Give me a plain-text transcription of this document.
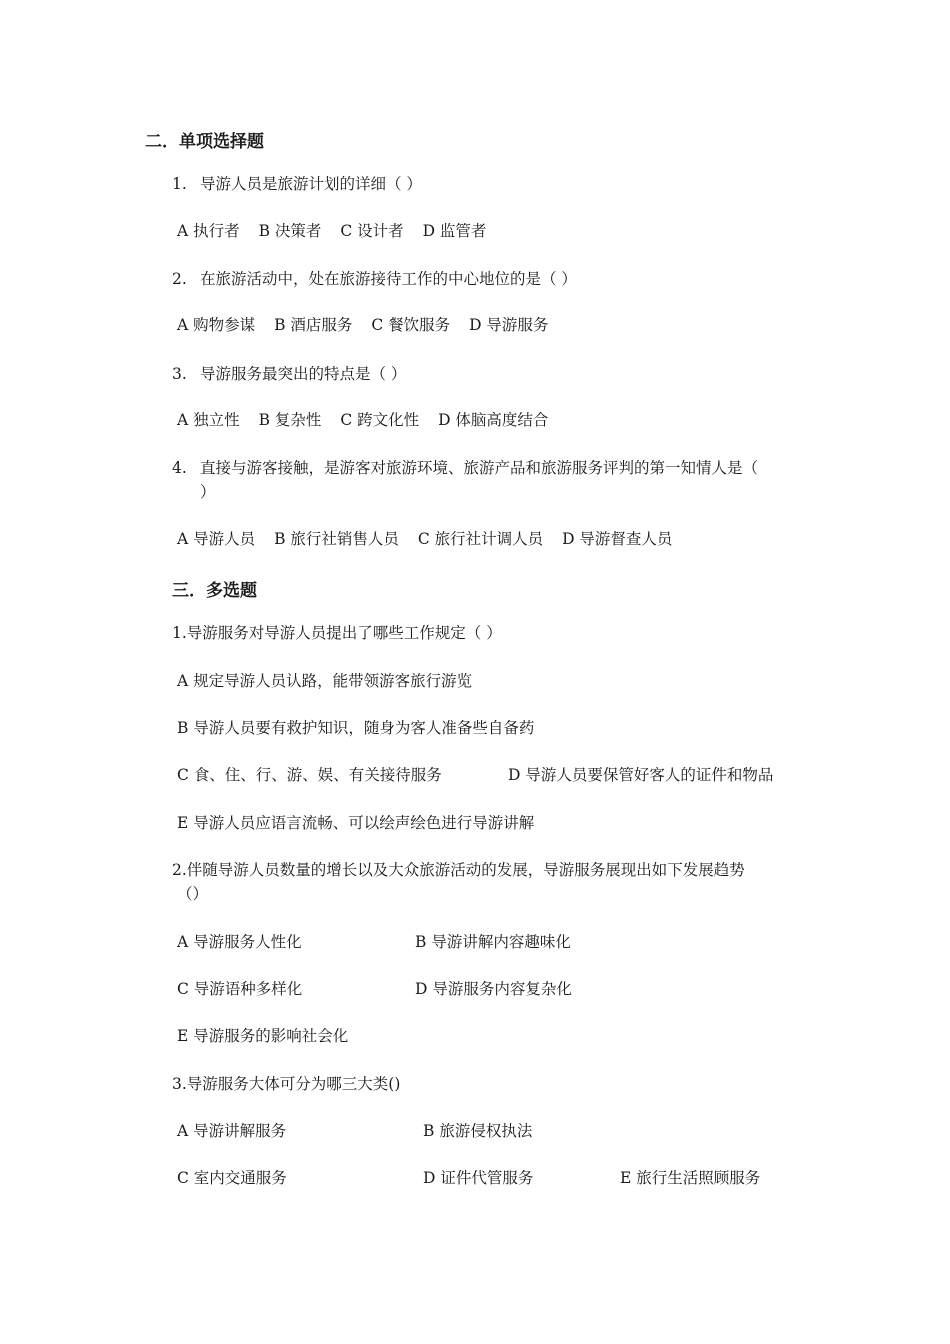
二．单项选择题
1. 导游人员是旅游计划的详细（ ）
A 执行者 B 决策者 C 设计者 D 监管者
2. 在旅游活动中，处在旅游接待工作的中心地位的是（ ）
A 购物参谋 B 酒店服务 C 餐饮服务 D 导游服务
3. 导游服务最突出的特点是（ ）
A 独立性 B 复杂性 C 跨文化性 D 体脑高度结合
4. 直接与游客接触，是游客对旅游环境、旅游产品和旅游服务评判的第一知情人是（
）
A 导游人员 B 旅行社销售人员 C 旅行社计调人员 D 导游督查人员
三．多选题
1.导游服务对导游人员提出了哪些工作规定（ ）
A 规定导游人员认路，能带领游客旅行游览
B 导游人员要有救护知识，随身为客人准备些自备药
C 食、住、行、游、娱、有关接待服务	D 导游人员要保管好客人的证件和物品
E 导游人员应语言流畅、可以绘声绘色进行导游讲解
2.伴随导游人员数量的增长以及大众旅游活动的发展，导游服务展现出如下发展趋势
（）
A 导游服务人性化	B 导游讲解内容趣味化
C 导游语种多样化	D 导游服务内容复杂化
E 导游服务的影响社会化
3.导游服务大体可分为哪三大类()
A 导游讲解服务	B 旅游侵权执法
C 室内交通服务	D 证件代管服务	E 旅行生活照顾服务
